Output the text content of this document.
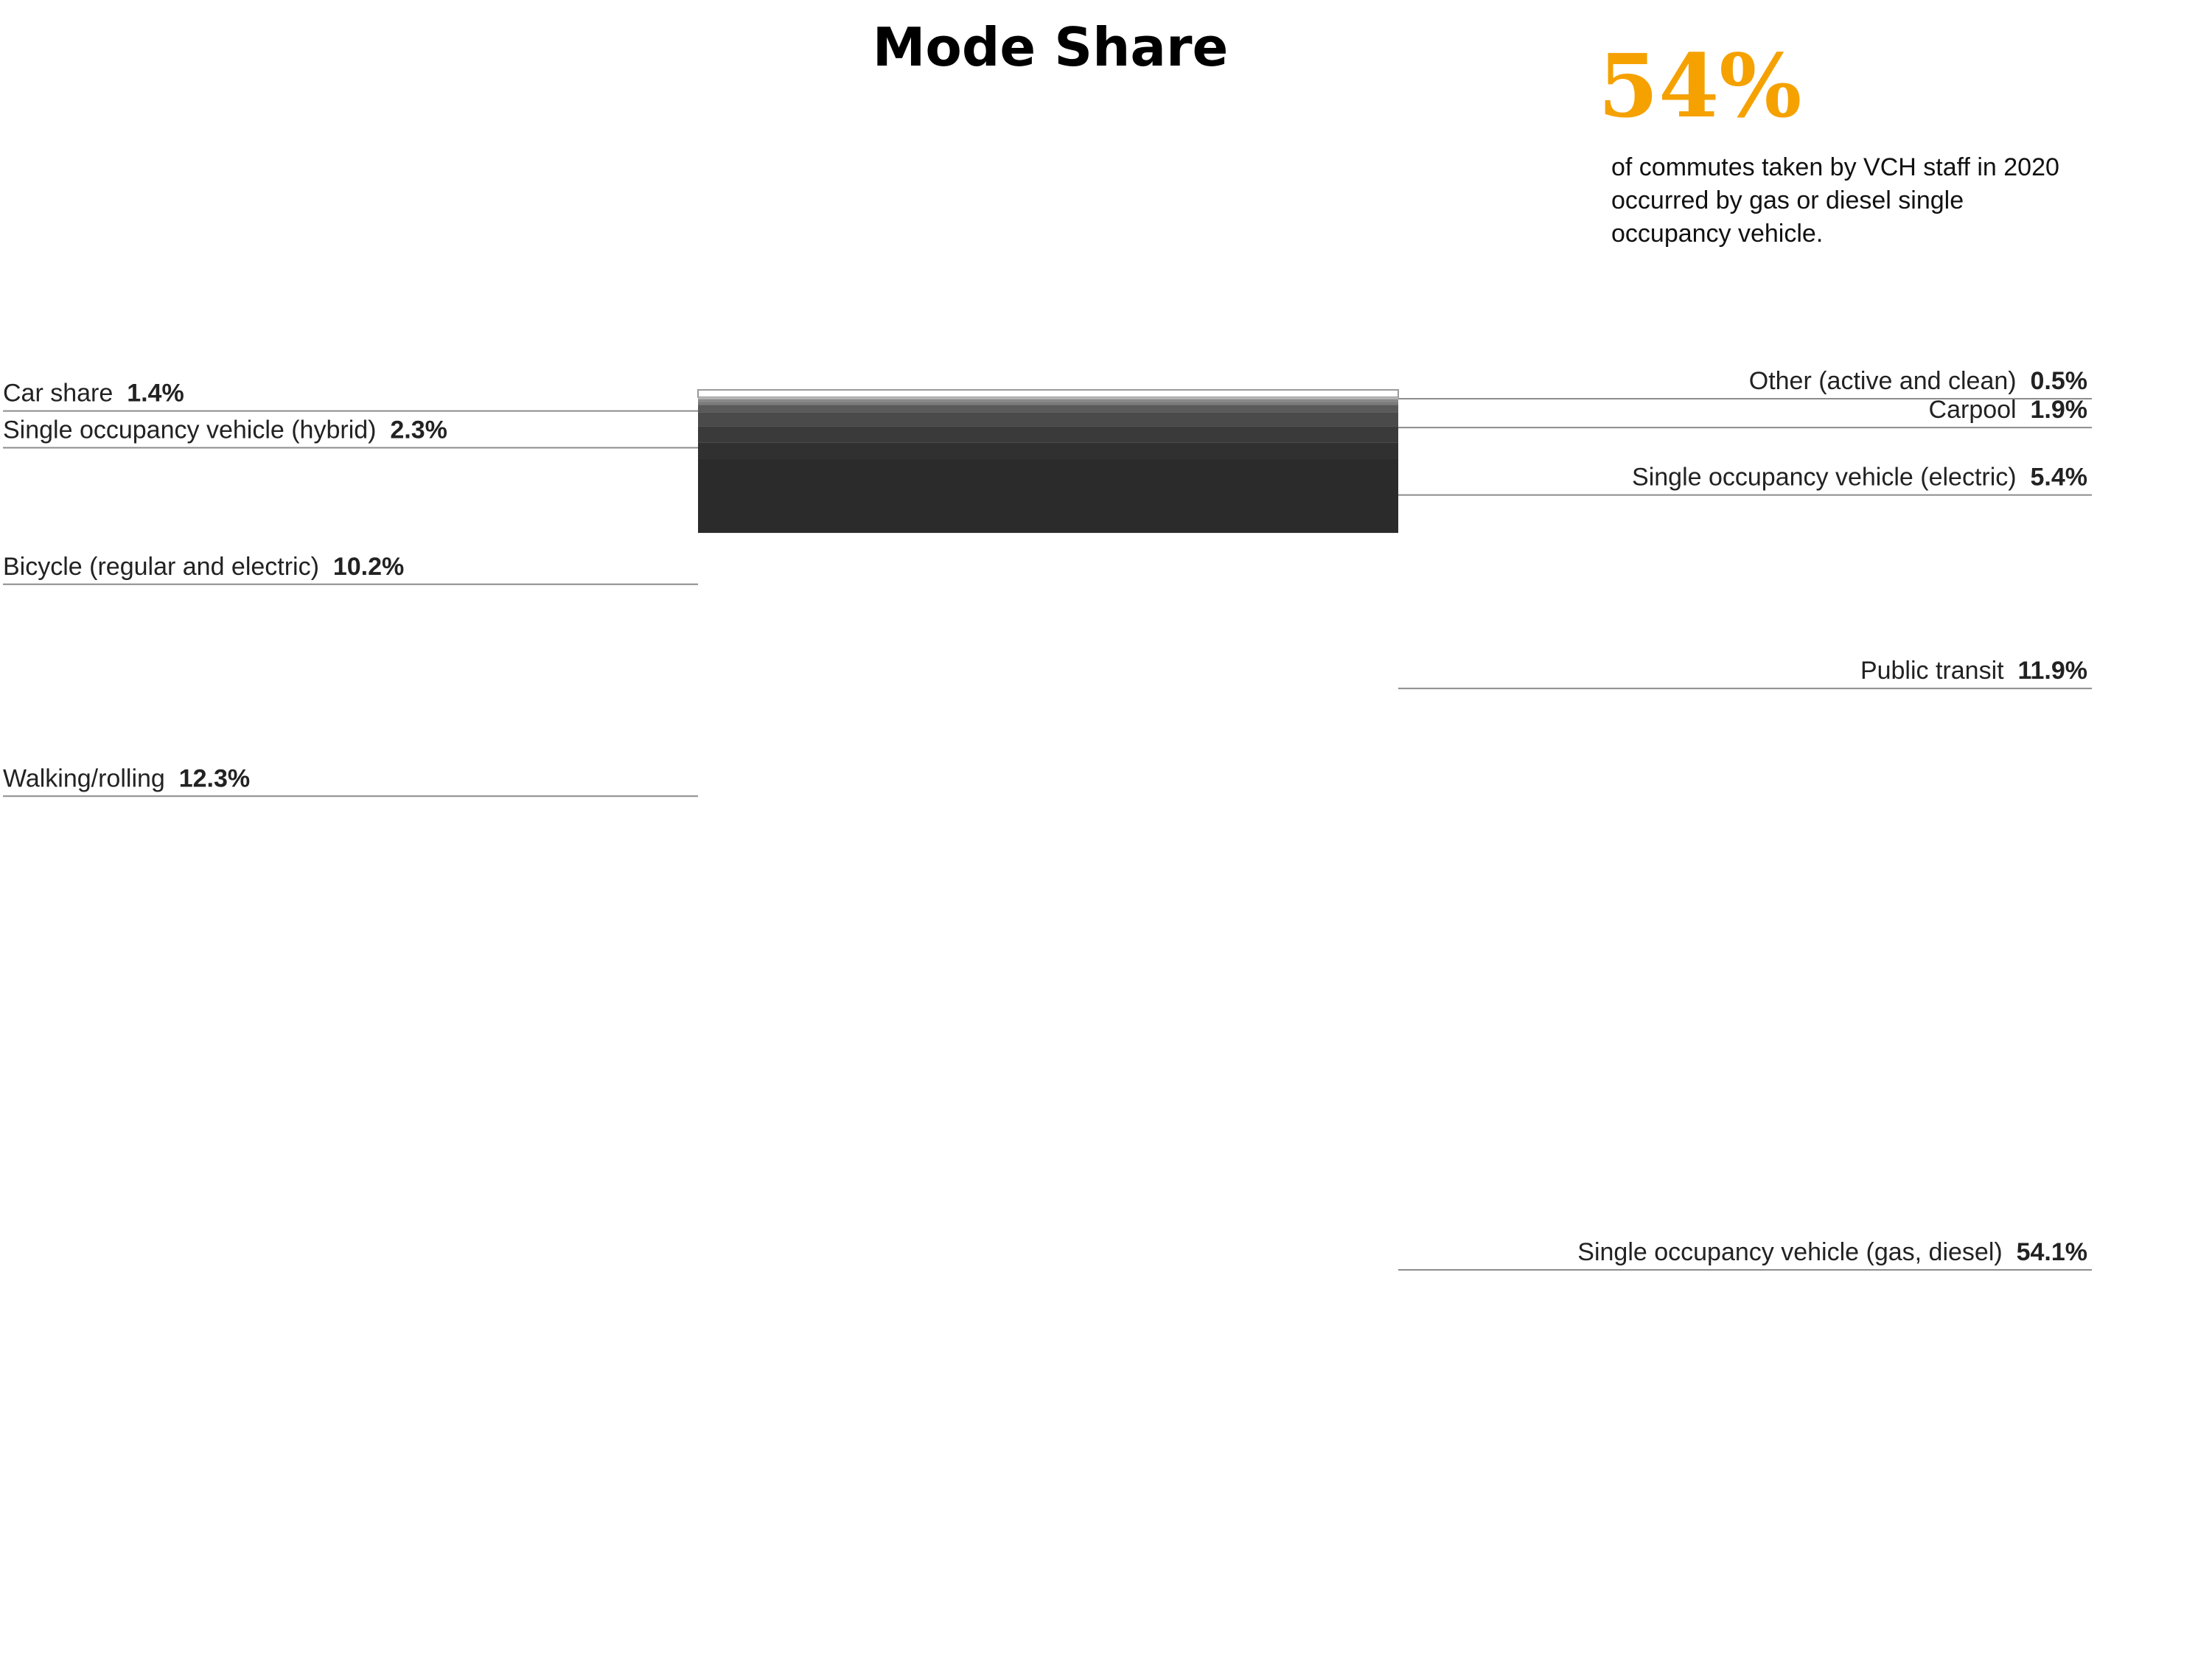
Mode Share	54%
of commutes taken by VCH staff in 2020 occurred by gas or diesel single occupancy vehicle.
Other (active and clean)  0.5%
Car share  1.4%
Carpool  1.9%
Single occupancy vehicle (hybrid)  2.3%
Single occupancy vehicle (electric)  5.4%
Bicycle (regular and electric)  10.2%
Public transit  11.9%
Walking/rolling  12.3%
Single occupancy vehicle (gas, diesel)  54.1%
